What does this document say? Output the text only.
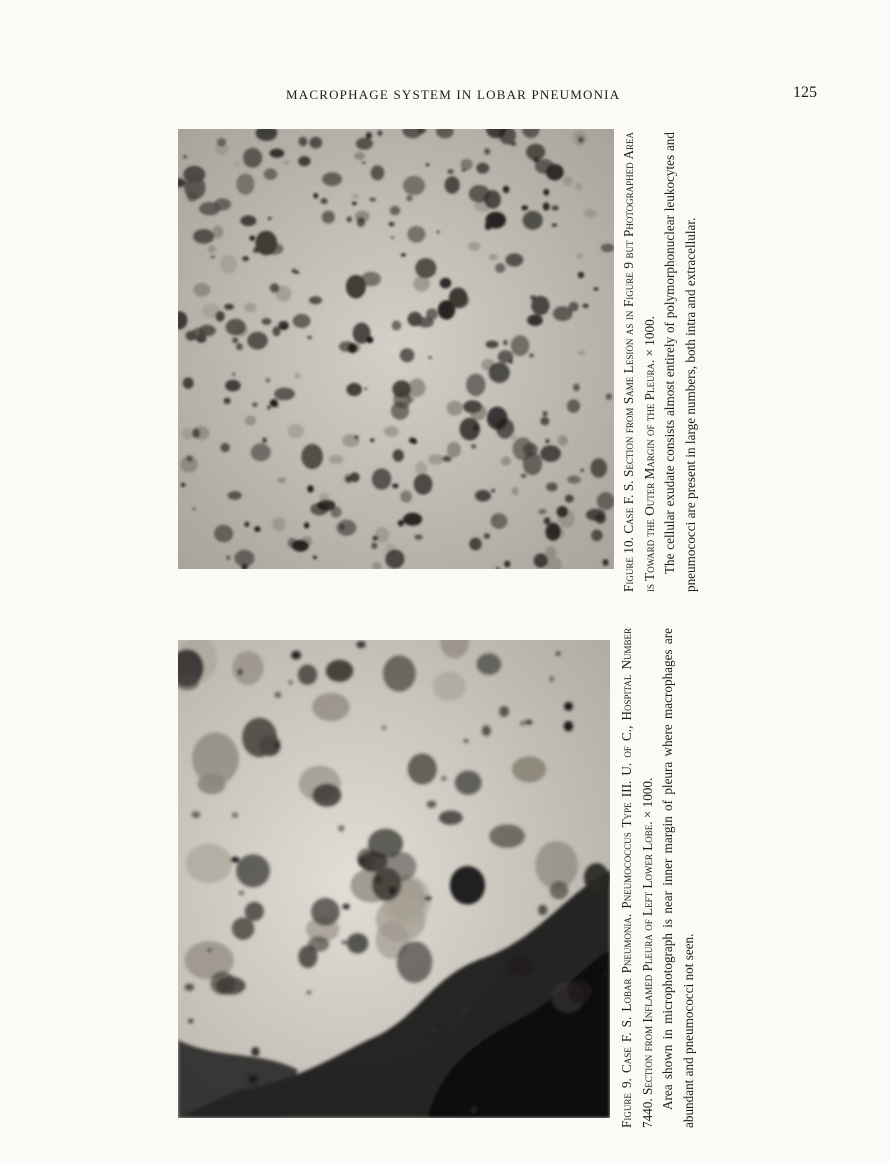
MACROPHAGE SYSTEM IN LOBAR PNEUMONIA	125

Figure 10. Case F. S. Section from Same Lesion as in Figure 9 but Photographed Area is Toward the Outer Margin of the Pleura. × 1000. The cellular exudate consists almost entirely of polymorphonuclear leukocytes and pneumococci are present in large numbers, both intra and extracellular.

Figure 9. Case F. S. Lobar Pneumonia. Pneumococcus Type III. U. of C., Hospital Number 7440. Section from Inflamed Pleura of Left Lower Lobe. × 1000. Area shown in microphotograph is near inner margin of pleura where macrophages are abundant and pneumococci not seen.
